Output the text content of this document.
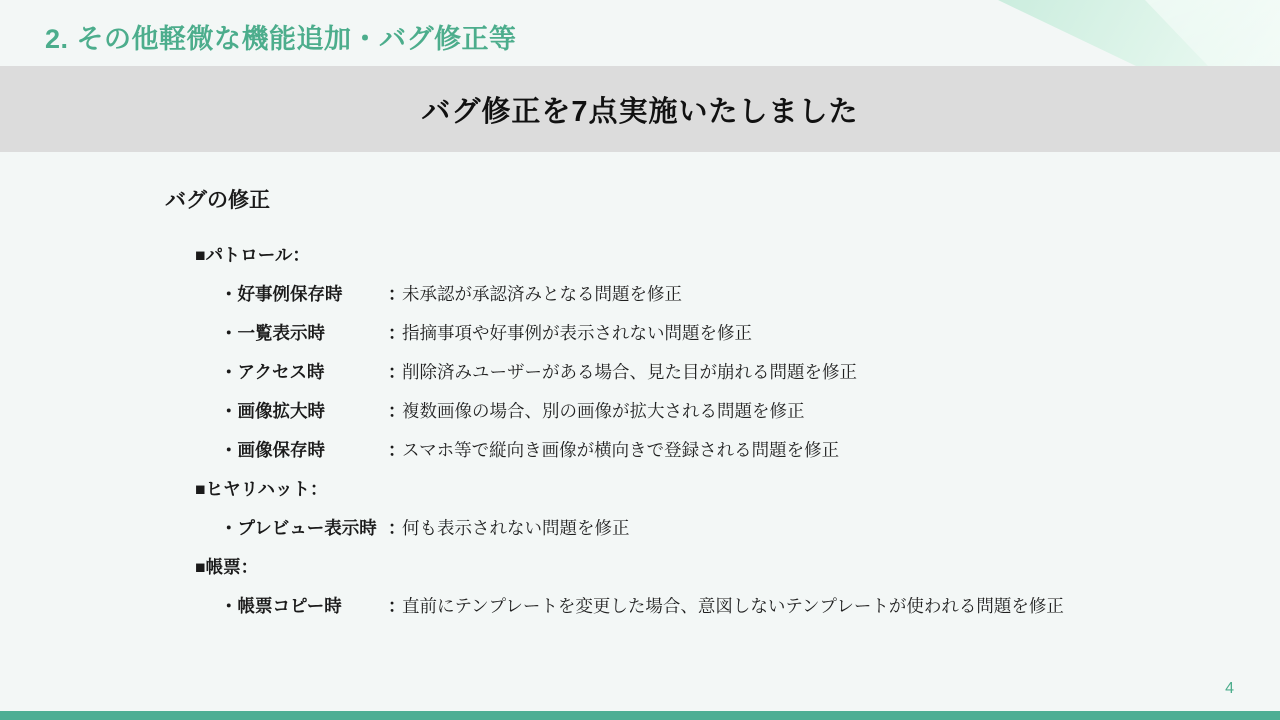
2. その他軽微な機能追加・バグ修正等
バグ修正を7点実施いたしました
バグの修正
■パトロール：
・好事例保存時	：
未承認が承認済みとなる問題を修正
・一覧表示時	：
指摘事項や好事例が表示されない問題を修正
・アクセス時	：
削除済みユーザーがある場合、見た目が崩れる問題を修正
・画像拡大時	：
複数画像の場合、別の画像が拡大される問題を修正
・画像保存時	：
スマホ等で縦向き画像が横向きで登録される問題を修正
■ヒヤリハット：
・プレビュー表示時 ：
何も表示されない問題を修正
■帳票：
・帳票コピー時	：
直前にテンプレートを変更した場合、意図しないテンプレートが使われる問題を修正
4
